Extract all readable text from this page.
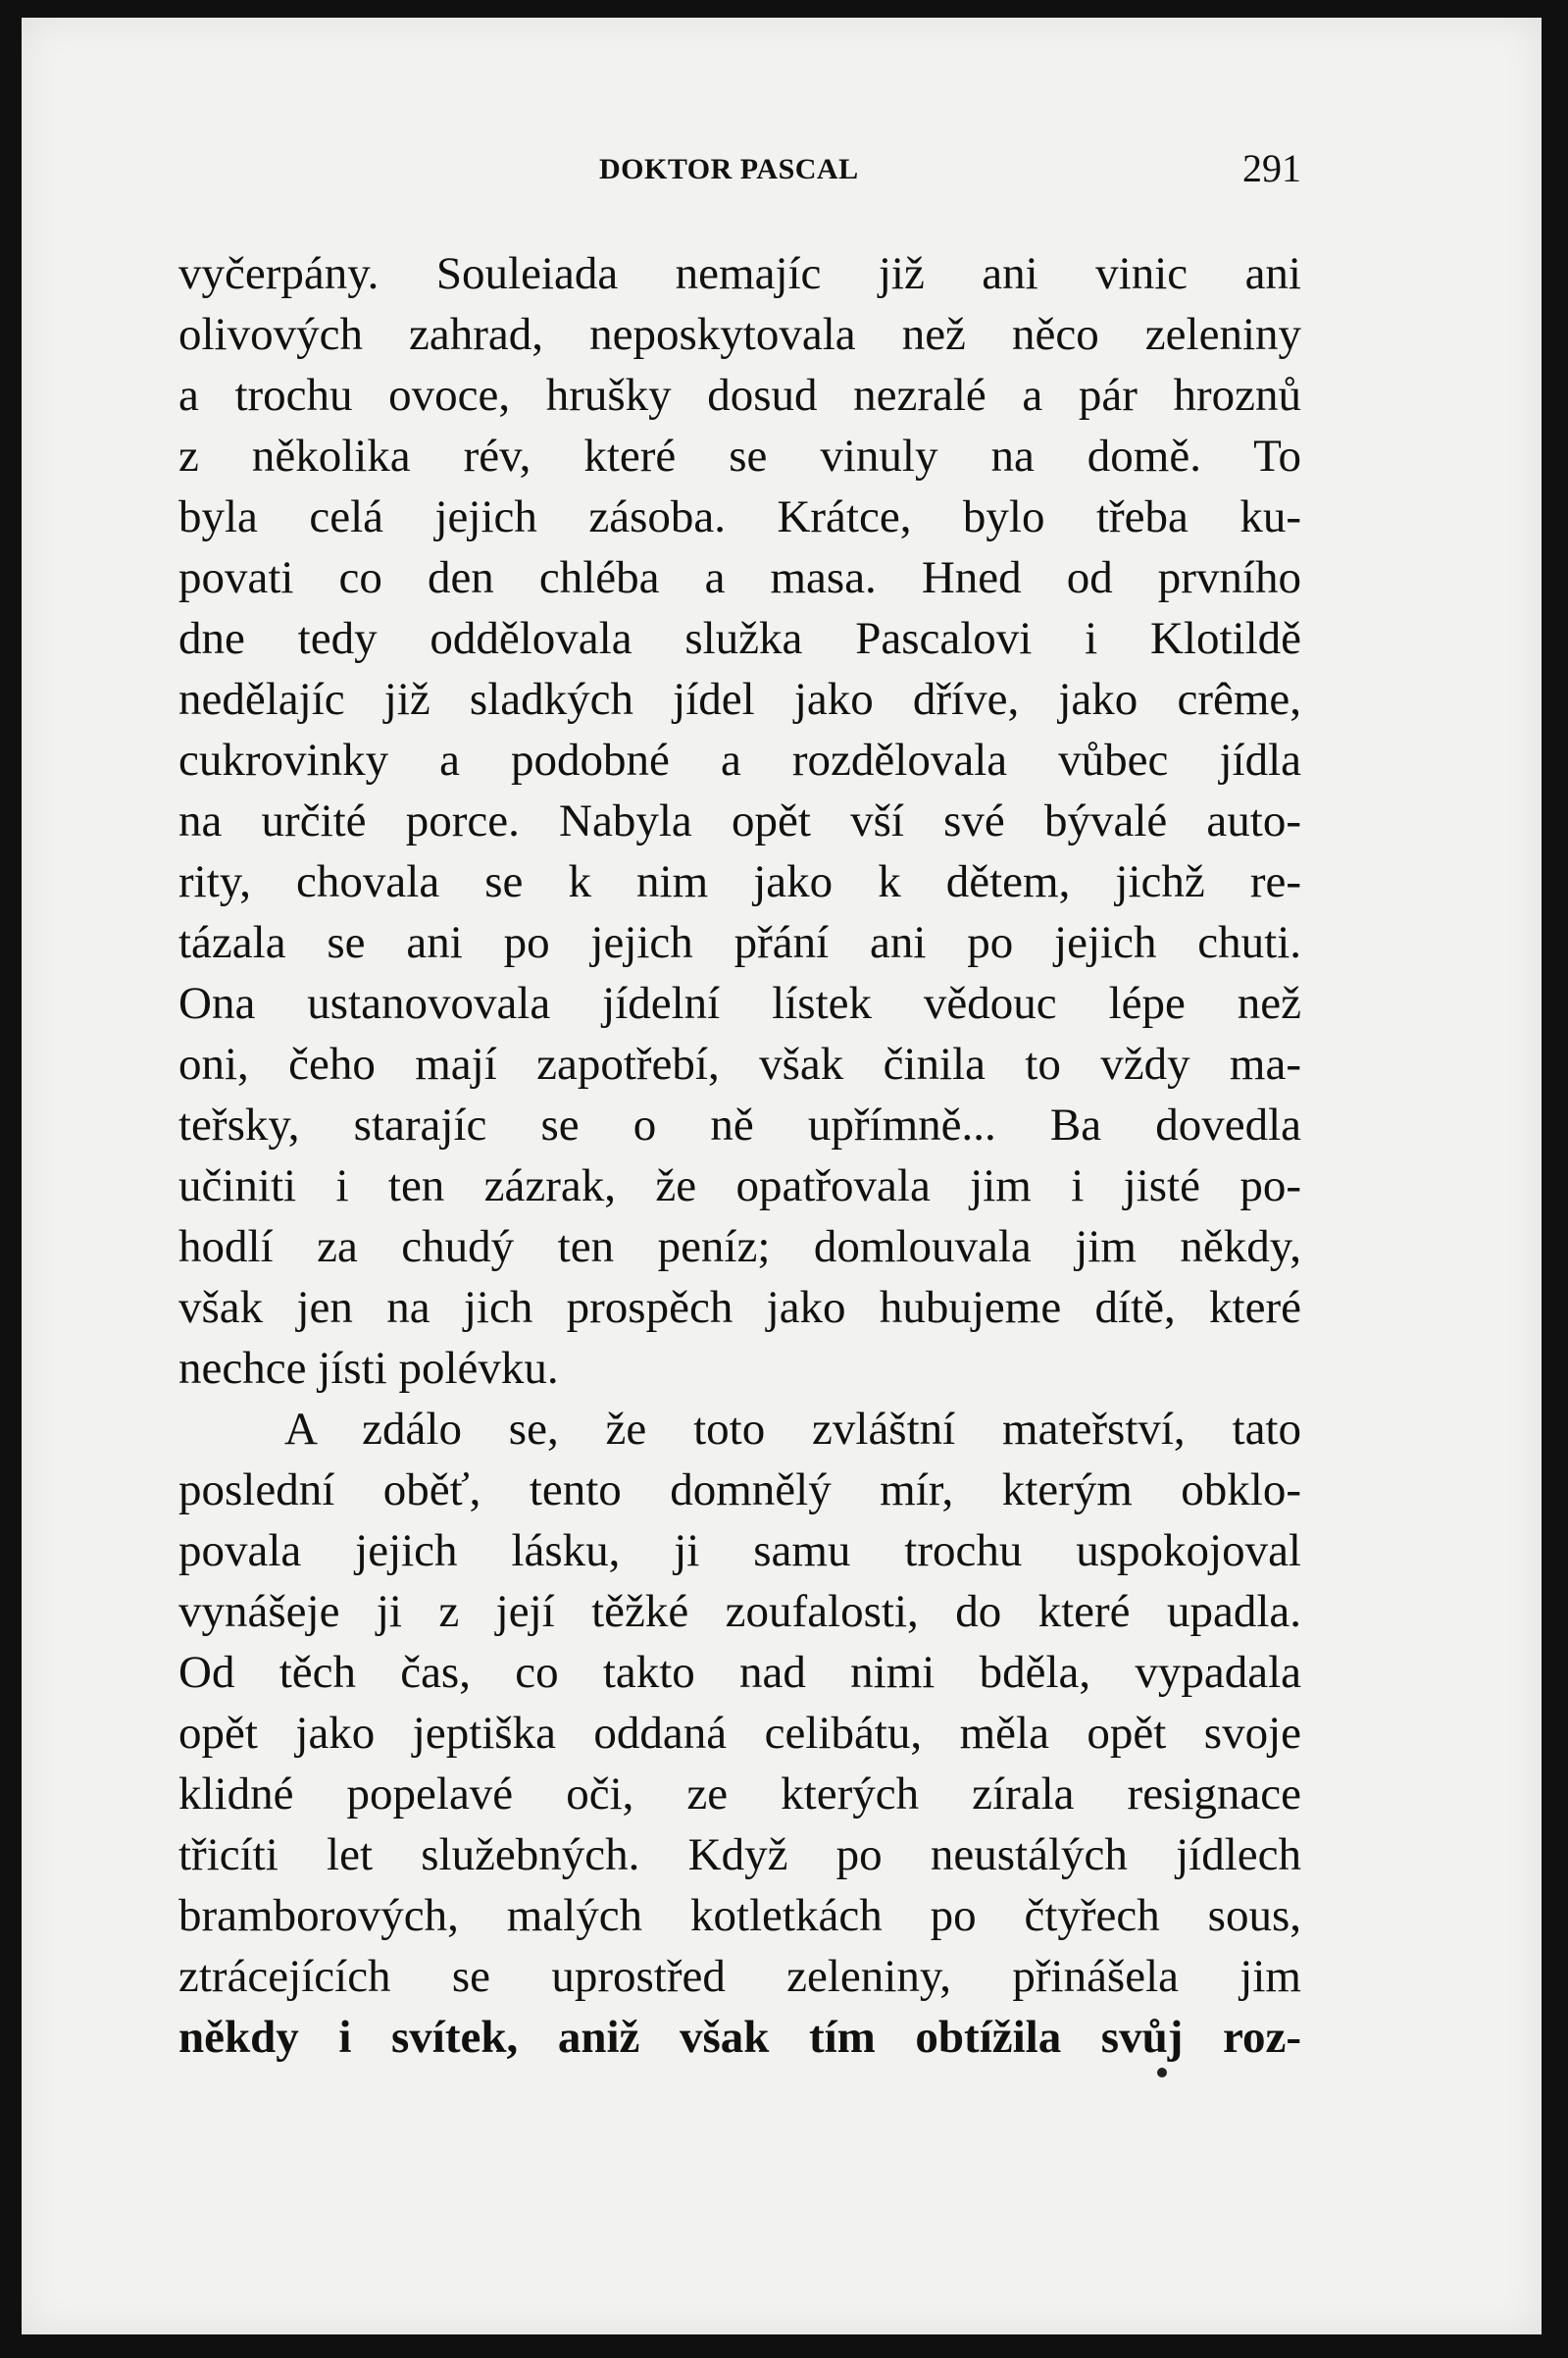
DOKTOR PASCAL	291
vyčerpány. Souleiada nemajíc již ani vinic ani
olivových zahrad, neposkytovala než něco zeleniny
a trochu ovoce, hrušky dosud nezralé a pár hroznů
z několika rév, které se vinuly na domě. To
byla celá jejich zásoba. Krátce, bylo třeba ku-
povati co den chléba a masa. Hned od prvního
dne tedy oddělovala služka Pascalovi i Klotildě
nedělajíc již sladkých jídel jako dříve, jako crême,
cukrovinky a podobné a rozdělovala vůbec jídla
na určité porce. Nabyla opět vší své bývalé auto-
rity, chovala se k nim jako k dětem, jichž re-
tázala se ani po jejich přání ani po jejich chuti.
Ona ustanovovala jídelní lístek vědouc lépe než
oni, čeho mají zapotřebí, však činila to vždy ma-
teřsky, starajíc se o ně upřímně... Ba dovedla
učiniti i ten zázrak, že opatřovala jim i jisté po-
hodlí za chudý ten peníz; domlouvala jim někdy,
však jen na jich prospěch jako hubujeme dítě, které
nechce jísti polévku.
A zdálo se, že toto zvláštní mateřství, tato
poslední oběť, tento domnělý mír, kterým obklo-
povala jejich lásku, ji samu trochu uspokojoval
vynášeje ji z její těžké zoufalosti, do které upadla.
Od těch čas, co takto nad nimi bděla, vypadala
opět jako jeptiška oddaná celibátu, měla opět svoje
klidné popelavé oči, ze kterých zírala resignace
třicíti let služebných. Když po neustálých jídlech
bramborových, malých kotletkách po čtyřech sous,
ztrácejících se uprostřed zeleniny, přinášela jim
někdy i svítek, aniž však tím obtížila svůj roz-
